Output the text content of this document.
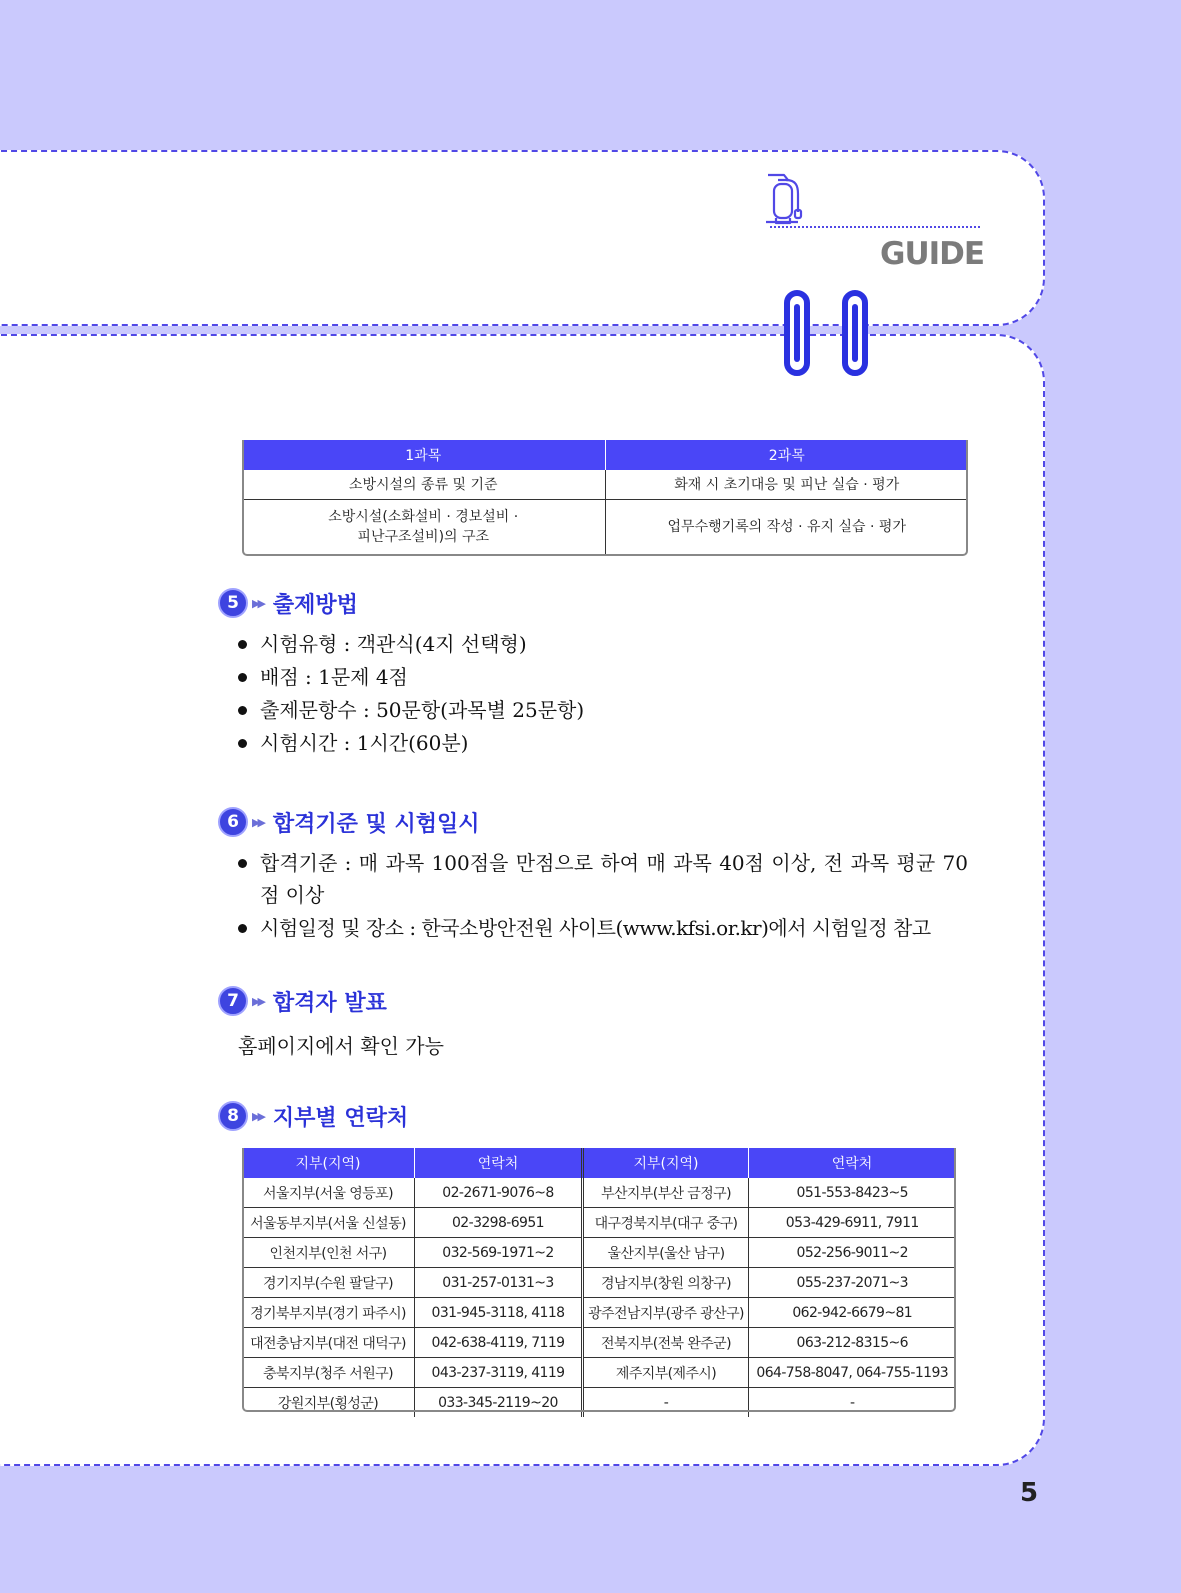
GUIDE
1과목	2과목
소방시설의 종류 및 기준	화재 시 초기대응 및 피난 실습 · 평가

소방시설(소화설비 · 경보설비 ·
피난구조설비)의 구조	업무수행기록의 작성 · 유지 실습 · 평가
5	▶▶ 출제방법
시험유형 : 객관식(4지 선택형)
배점 : 1문제 4점
출제문항수 : 50문항(과목별 25문항)
시험시간 : 1시간(60분)
6	▶▶ 합격기준 및 시험일시
합격기준 : 매 과목 100점을 만점으로 하여 매 과목 40점 이상, 전 과목 평균 70점 이상
시험일정 및 장소 : 한국소방안전원 사이트(www.kfsi.or.kr)에서 시험일정 참고
7	▶▶ 합격자 발표
홈페이지에서 확인 가능
8	▶▶ 지부별 연락처
지부(지역)	연락처	지부(지역)	연락처
서울지부(서울 영등포)	02-2671-9076~8	부산지부(부산 금정구)	051-553-8423~5
서울동부지부(서울 신설동)	02-3298-6951	대구경북지부(대구 중구)	053-429-6911, 7911
인천지부(인천 서구)	032-569-1971~2	울산지부(울산 남구)	052-256-9011~2
경기지부(수원 팔달구)	031-257-0131~3	경남지부(창원 의창구)	055-237-2071~3
경기북부지부(경기 파주시)	031-945-3118, 4118	광주전남지부(광주 광산구)	062-942-6679~81
대전충남지부(대전 대덕구)	042-638-4119, 7119	전북지부(전북 완주군)	063-212-8315~6
충북지부(청주 서원구)	043-237-3119, 4119	제주지부(제주시)	064-758-8047, 064-755-1193
강원지부(횡성군)	033-345-2119~20	-	-
5
